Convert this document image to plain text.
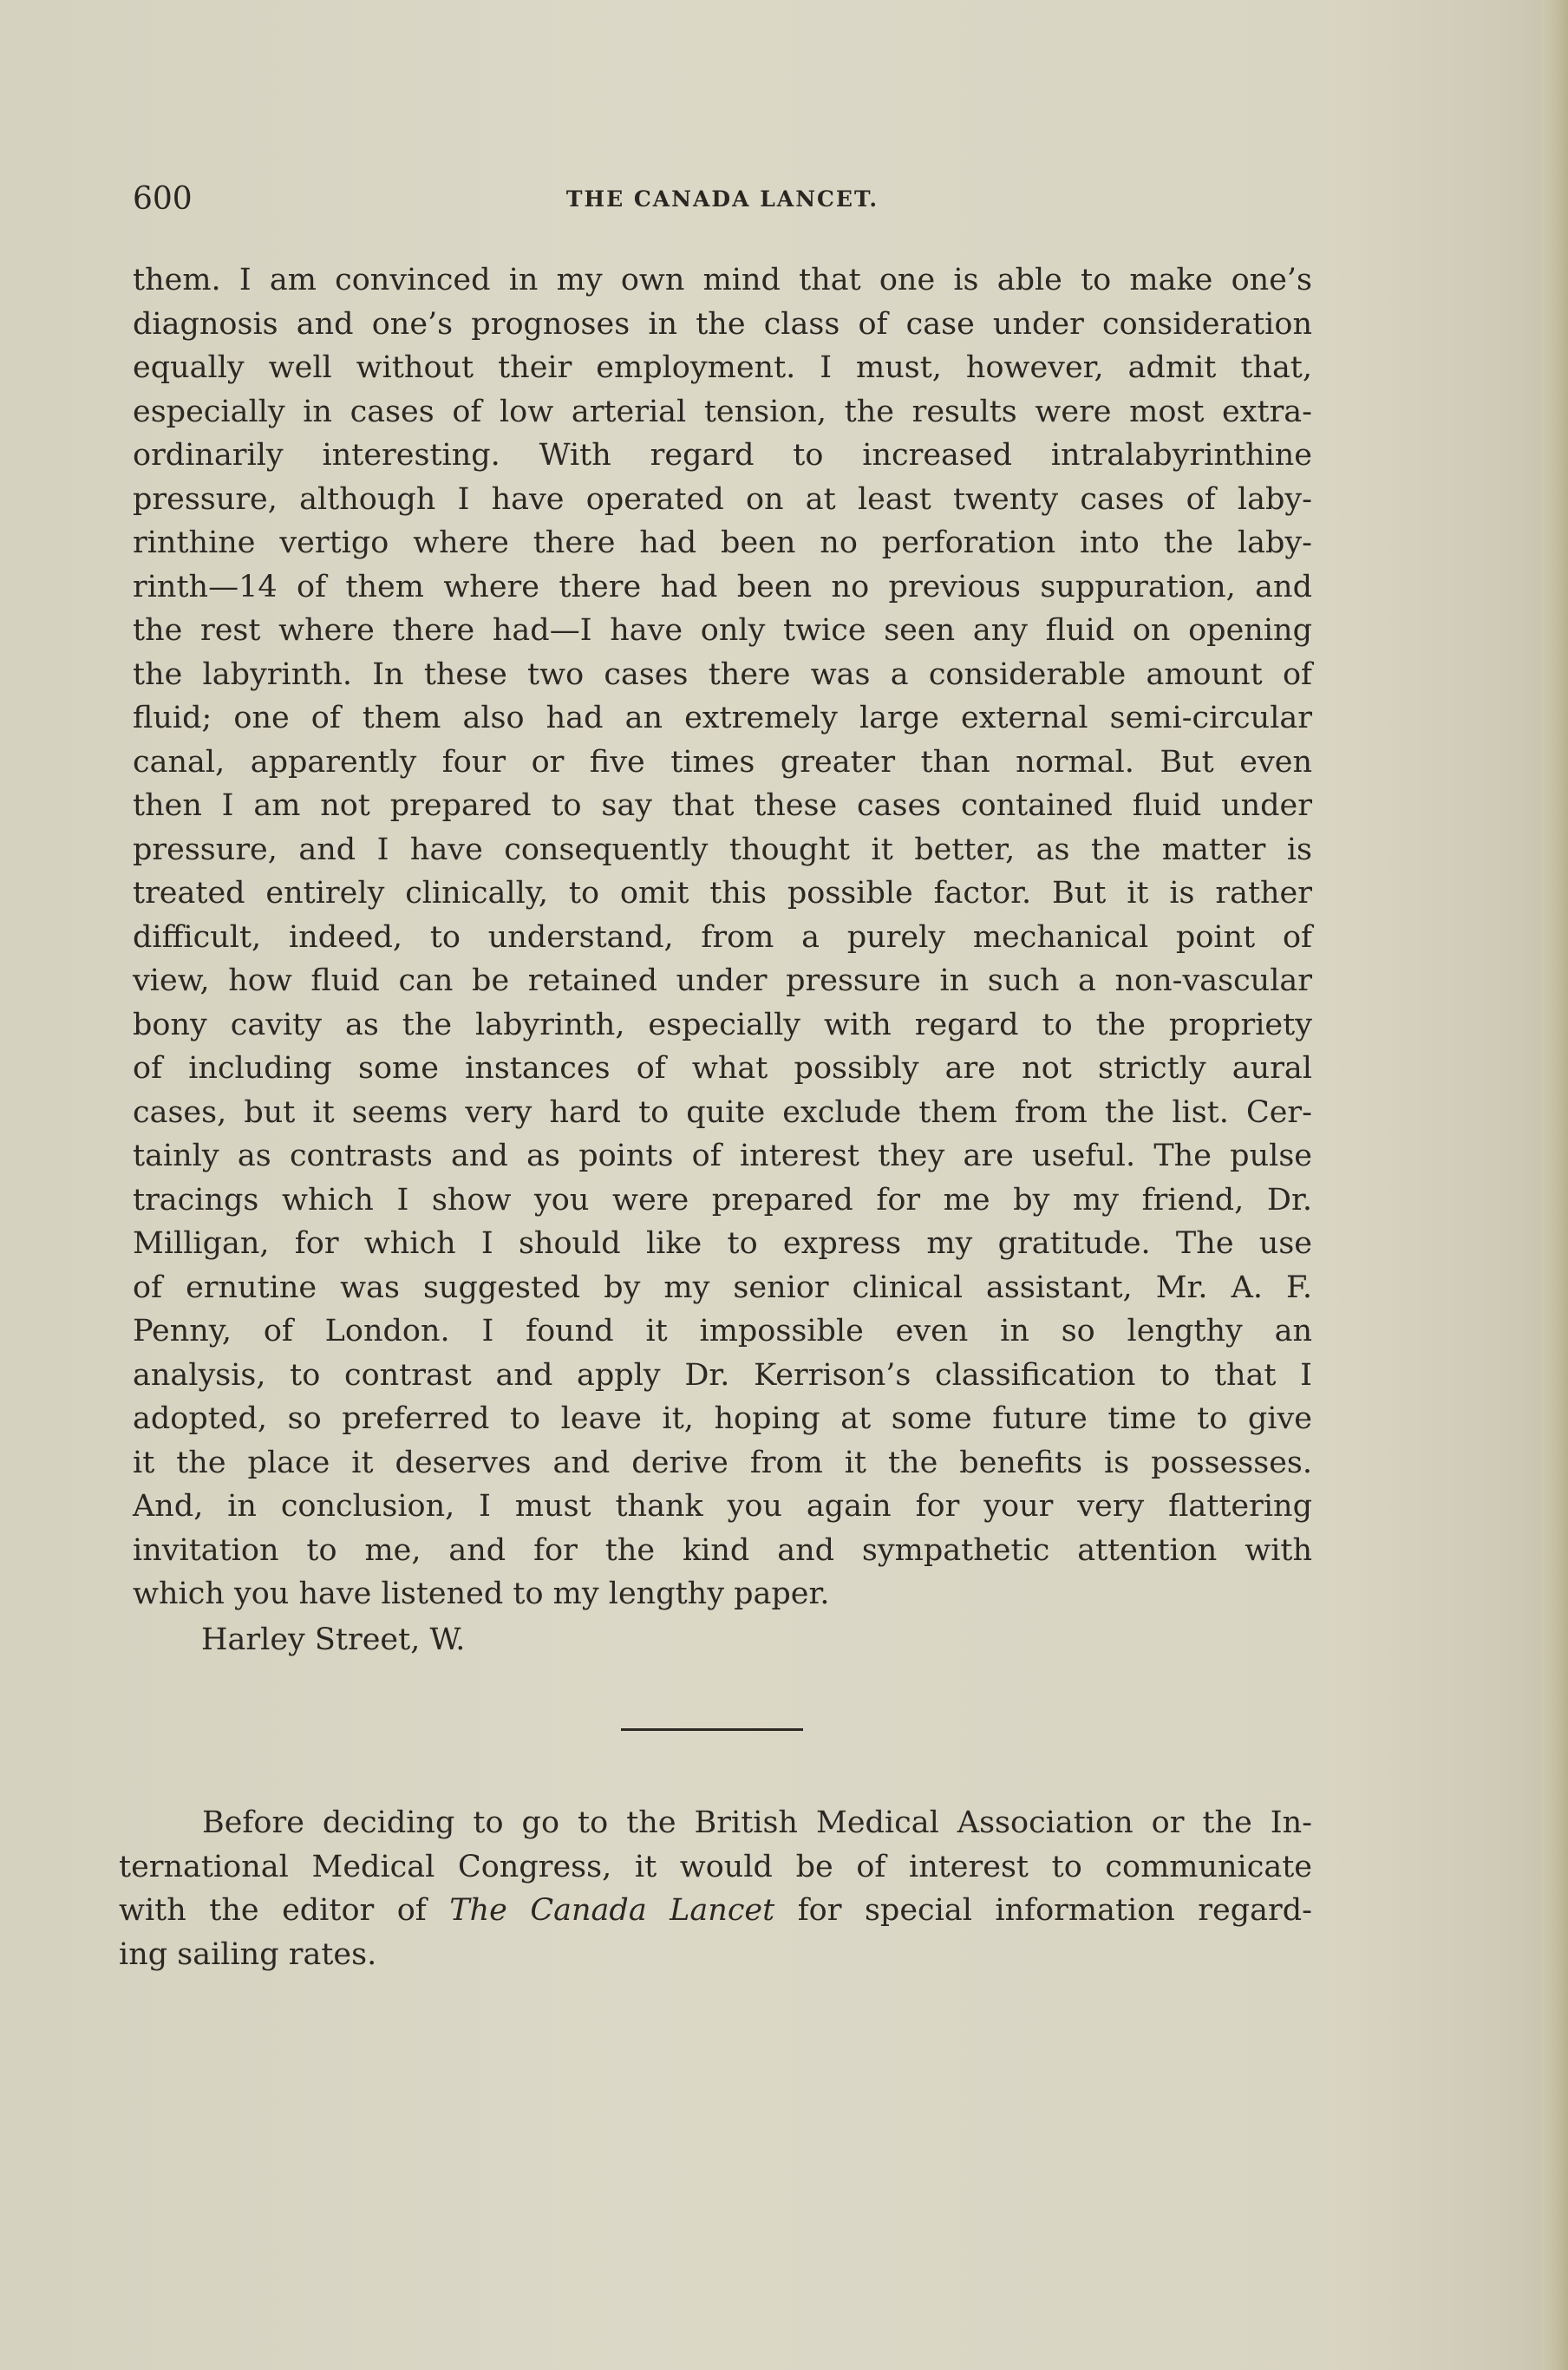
600	THE CANADA LANCET.
them. I am convinced in my own mind that one is able to make one’s
diagnosis and one’s prognoses in the class of case under consideration
equally well without their employment. I must, however, admit that,
especially in cases of low arterial tension, the results were most extra-
ordinarily interesting. With regard to increased intralabyrinthine
pressure, although I have operated on at least twenty cases of laby-
rinthine vertigo where there had been no perforation into the laby-
rinth—14 of them where there had been no previous suppuration, and
the rest where there had—I have only twice seen any fluid on opening
the labyrinth. In these two cases there was a considerable amount of
fluid; one of them also had an extremely large external semi-circular
canal, apparently four or five times greater than normal. But even
then I am not prepared to say that these cases contained fluid under
pressure, and I have consequently thought it better, as the matter is
treated entirely clinically, to omit this possible factor. But it is rather
difficult, indeed, to understand, from a purely mechanical point of
view, how fluid can be retained under pressure in such a non-vascular
bony cavity as the labyrinth, especially with regard to the propriety
of including some instances of what possibly are not strictly aural
cases, but it seems very hard to quite exclude them from the list. Cer-
tainly as contrasts and as points of interest they are useful. The pulse
tracings which I show you were prepared for me by my friend, Dr.
Milligan, for which I should like to express my gratitude. The use
of ernutine was suggested by my senior clinical assistant, Mr. A. F.
Penny, of London. I found it impossible even in so lengthy an
analysis, to contrast and apply Dr. Kerrison’s classification to that I
adopted, so preferred to leave it, hoping at some future time to give
it the place it deserves and derive from it the benefits is possesses.
And, in conclusion, I must thank you again for your very flattering
invitation to me, and for the kind and sympathetic attention with
which you have listened to my lengthy paper.
Harley Street, W.
Before deciding to go to the British Medical Association or the In-
ternational Medical Congress, it would be of interest to communicate
with the editor of The Canada Lancet for special information regard-
ing sailing rates.
